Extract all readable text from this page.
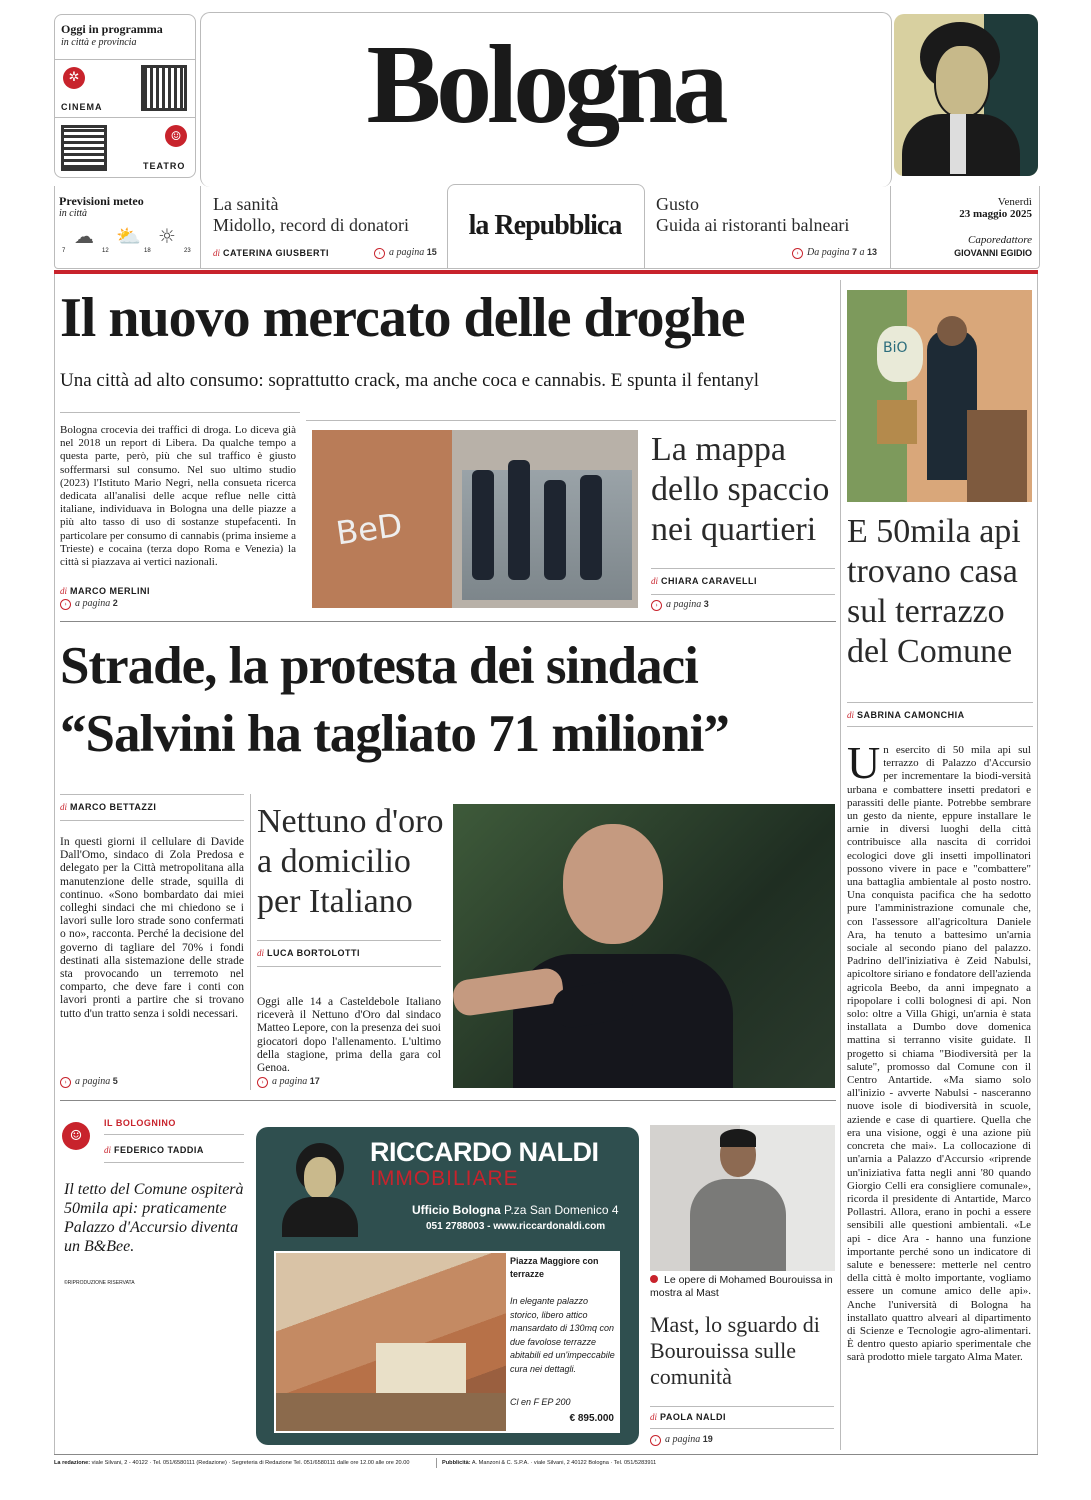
Oggi in programma
in città e provincia
✲
CINEMA
☺
TEATRO
Bologna
Previsioni meteo
in città
☁ ⛅ ☼
7	12	18	23
La sanità
Midollo, record di donatori
di CATERINA GIUSBERTI	› a pagina 15
la Repubblica
Gusto
Guida ai ristoranti balneari
› Da pagina 7 a 13
Venerdì
23 maggio 2025
Caporedattore
GIOVANNI EGIDIO
Il nuovo mercato delle droghe
Una città ad alto consumo: soprattutto crack, ma anche coca e cannabis. E spunta il fentanyl
Bologna crocevia dei traffici di droga. Lo diceva già nel 2018 un report di Libera. Da qualche tempo a questa parte, però, più che sul traffico è giusto soffermarsi sul consumo. Nel suo ultimo studio (2023) l'Istituto Mario Negri, nella consueta ricerca dedicata all'analisi delle acque reflue nelle città italiane, individuava in Bologna una delle piazze a più alto tasso di uso di sostanze stupefacenti. In particolare per consumo di cannabis (prima insieme a Trieste) e cocaina (terza dopo Roma e Venezia) la città si piazzava ai vertici nazionali.
di MARCO MERLINI
› a pagina 2
BeD
La mappa dello spaccio nei quartieri
di CHIARA CARAVELLI
› a pagina 3
BiO
E 50mila api trovano casa sul terrazzo del Comune
di SABRINA CAMONCHIA
U n esercito di 50 mila api sul terrazzo di Palazzo d'Accursio per incrementare la biodi-versità urbana e combattere insetti predatori e parassiti delle piante. Potrebbe sembrare un gesto da niente, eppure installare le arnie in diversi luoghi della città contribuisce alla nascita di corridoi ecologici dove gli insetti impollinatori possono vivere in pace e "combattere" una battaglia ambientale al posto nostro. Una conquista pacifica che ha sedotto pure l'amministrazione comunale che, con l'assessore all'agricoltura Daniele Ara, ha tenuto a battesimo un'arnia sociale al secondo piano del palazzo. Padrino dell'iniziativa è Zeid Nabulsi, apicoltore siriano e fondatore dell'azienda agricola Beebo, da anni impegnato a ripopolare i colli bolognesi di api. Non solo: oltre a Villa Ghigi, un'arnia è stata installata a Dumbo dove domenica mattina si terranno visite guidate. Il progetto si chiama "Biodiversità per la salute", promosso dal Comune con il Centro Antartide. «Ma siamo solo all'inizio - avverte Nabulsi - nasceranno nuove isole di biodiversità in scuole, aziende e case di quartiere. Quella che era una visione, oggi è una azione più concreta che mai». La collocazione di un'arnia a Palazzo d'Accursio «riprende un'iniziativa fatta negli anni '80 quando Giorgio Celli era consigliere comunale», ricorda il presidente di Antartide, Marco Pollastri. Allora, erano in pochi a essere sensibili alle questioni ambientali. «Le api - dice Ara - hanno una funzione importante perché sono un indicatore di salute e benessere: metterle nel centro della città è molto importante, vogliamo essere un comune amico delle api». Anche l'università di Bologna ha installato quattro alveari al dipartimento di Scienze e Tecnologie agro-alimentari. È dentro questo apiario sperimentale che sarà prodotto miele targato Alma Mater.
Strade, la protesta dei sindaci
“Salvini ha tagliato 71 milioni”
di MARCO BETTAZZI
In questi giorni il cellulare di Davide Dall'Omo, sindaco di Zola Predosa e delegato per la Città metropolitana alla manutenzione delle strade, squilla di continuo. «Sono bombardato dai miei colleghi sindaci che mi chiedono se i lavori sulle loro strade sono confermati o no», racconta. Perché la decisione del governo di tagliare del 70% i fondi destinati alla sistemazione delle strade sta provocando un terremoto nel comparto, che deve fare i conti con lavori pronti a partire che si trovano tutto d'un tratto senza i soldi necessari.
› a pagina 5
Nettuno d'oro a domicilio per Italiano
di LUCA BORTOLOTTI
Oggi alle 14 a Casteldebole Italiano riceverà il Nettuno d'Oro dal sindaco Matteo Lepore, con la presenza dei suoi giocatori dopo l'allenamento. L'ultimo della stagione, prima della gara col Genoa.
› a pagina 17
☺
IL BOLOGNINO
di FEDERICO TADDIA
Il tetto del Comune ospiterà 50mila api: praticamente Palazzo d'Accursio diventa un B&Bee.
©RIPRODUZIONE RISERVATA
RICCARDO NALDI
IMMOBILIARE
Ufficio Bologna P.za San Domenico 4
051 2788003 - www.riccardonaldi.com
Piazza Maggiore con terrazze
In elegante palazzo storico, libero attico mansardato di 130mq con due favolose terrazze abitabili ed un'impeccabile cura nei dettagli.
Cl en F EP 200
€ 895.000
Le opere di Mohamed Bourouissa in mostra al Mast
Mast, lo sguardo di Bourouissa sulle comunità
di PAOLA NALDI
› a pagina 19
La redazione: viale Silvani, 2 - 40122 · Tel. 051/6580111 (Redazione) · Segreteria di Redazione Tel. 051/6580111 dalle ore 12.00 alle ore 20.00	Pubblicità: A. Manzoni & C. S.P.A. · viale Silvani, 2 40122 Bologna · Tel. 051/5283911
